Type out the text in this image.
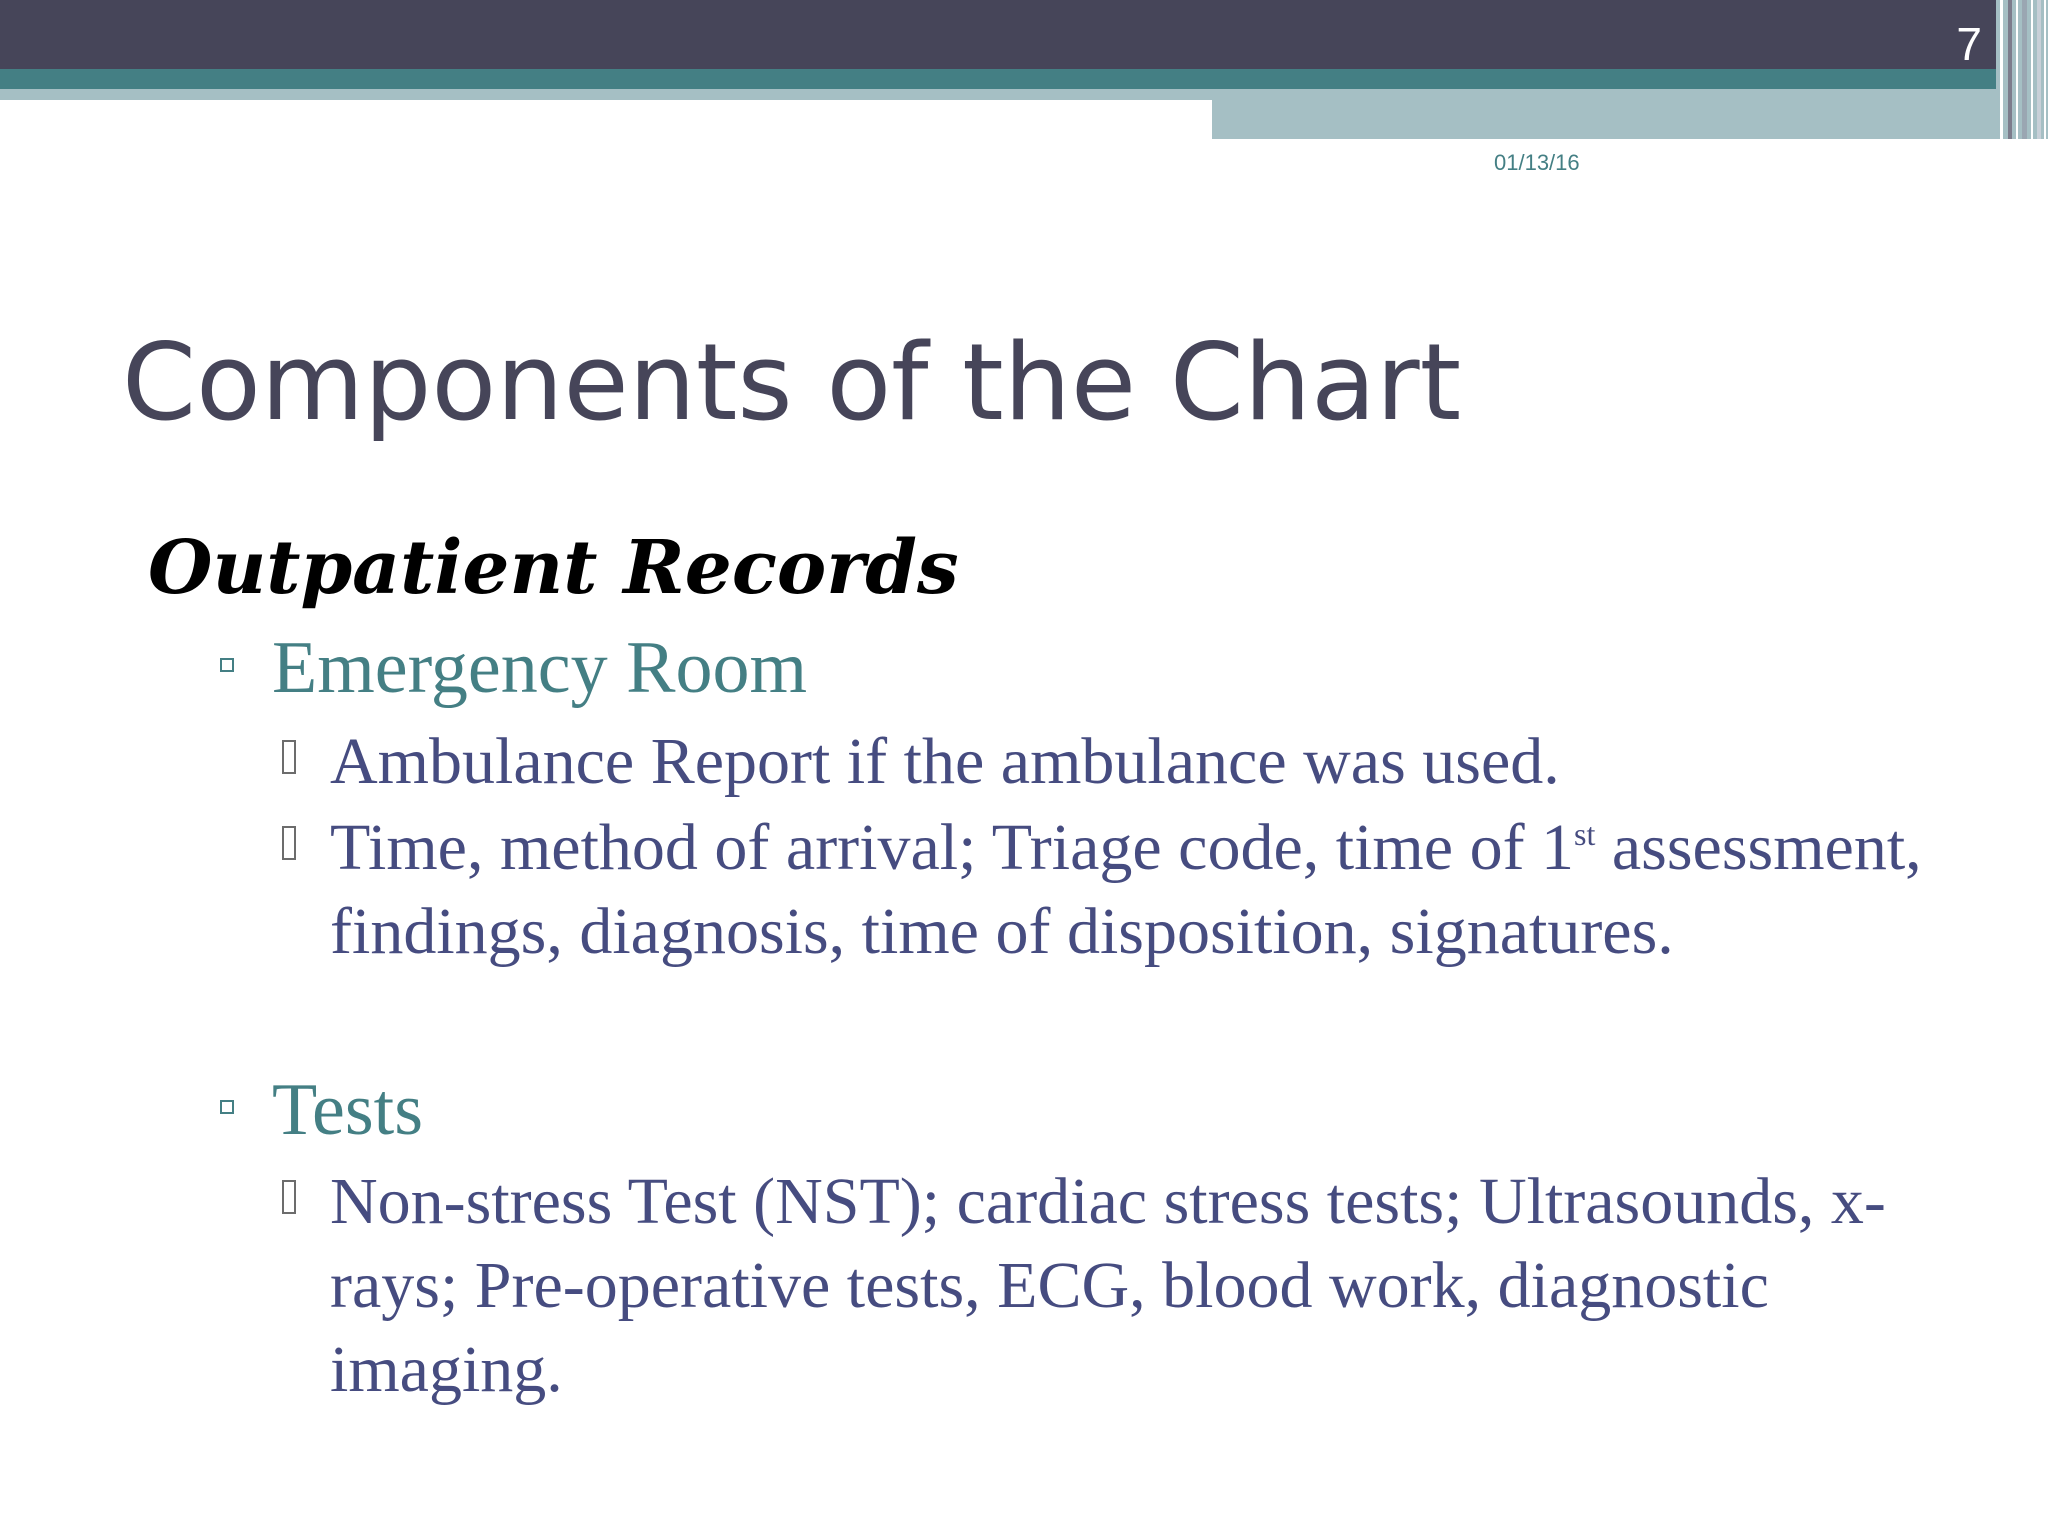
7
01/13/16
Components of the Chart
Outpatient Records
Emergency Room
Ambulance Report if the ambulance was used.
Time, method of arrival; Triage code, time of 1st assessment, findings, diagnosis, time of disposition, signatures.
Tests
Non-stress Test (NST); cardiac stress tests; Ultrasounds, x-rays; Pre-operative tests, ECG, blood work, diagnostic imaging.
